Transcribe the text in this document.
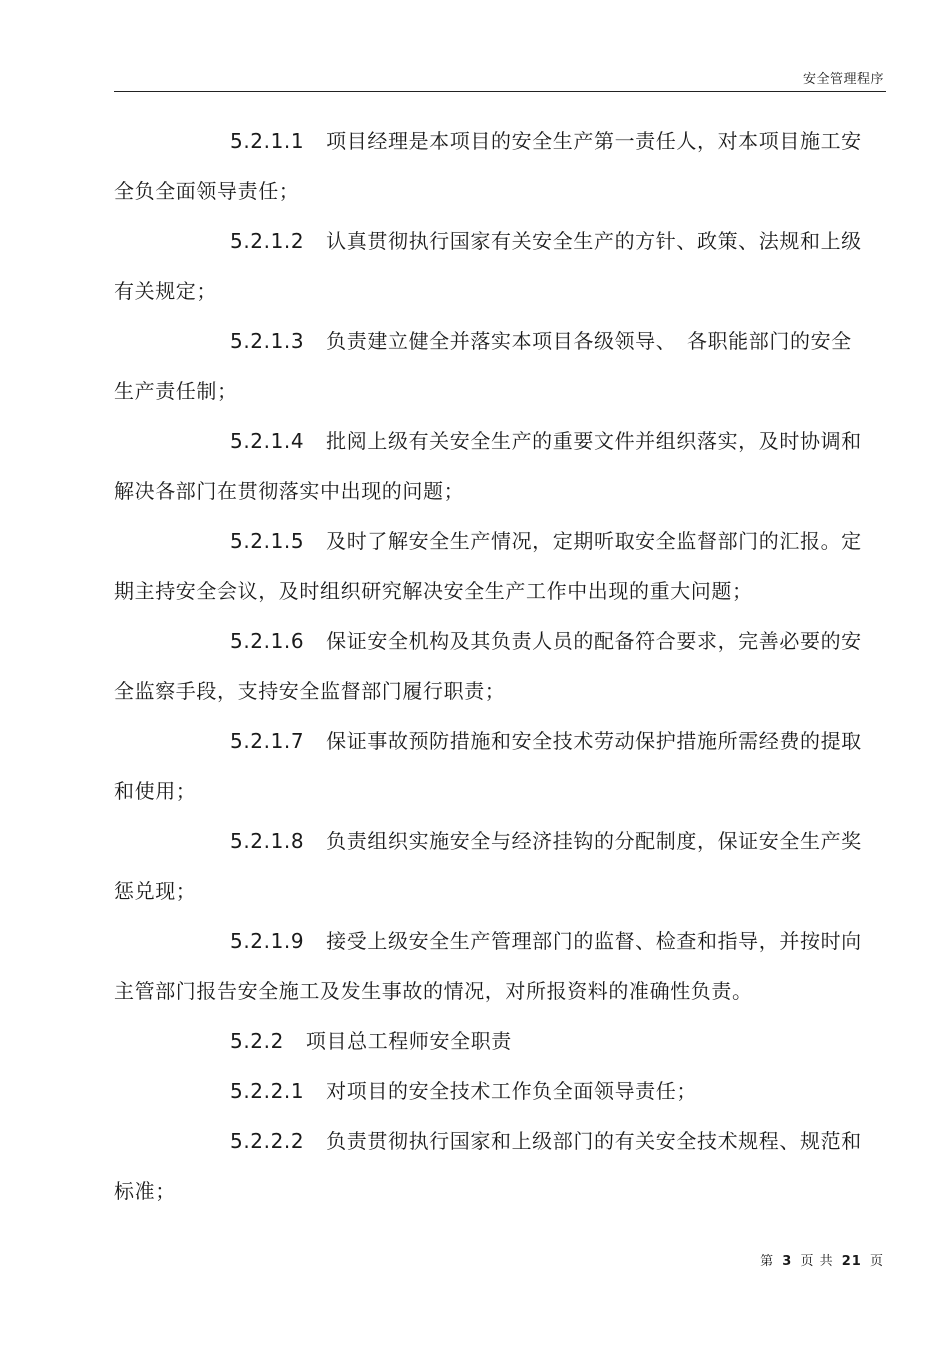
安全管理程序

5.2.1.1 项目经理是本项目的安全生产第一责任人，对本项目施工安全负全面领导责任；

5.2.1.2 认真贯彻执行国家有关安全生产的方针、政策、法规和上级有关规定；

5.2.1.3 负责建立健全并落实本项目各级领导、　各职能部门的安全生产责任制；

5.2.1.4 批阅上级有关安全生产的重要文件并组织落实，及时协调和解决各部门在贯彻落实中出现的问题；

5.2.1.5 及时了解安全生产情况，定期听取安全监督部门的汇报。定期主持安全会议，及时组织研究解决安全生产工作中出现的重大问题；

5.2.1.6 保证安全机构及其负责人员的配备符合要求，完善必要的安全监察手段，支持安全监督部门履行职责；

5.2.1.7 保证事故预防措施和安全技术劳动保护措施所需经费的提取和使用；

5.2.1.8 负责组织实施安全与经济挂钩的分配制度，保证安全生产奖惩兑现；

5.2.1.9 接受上级安全生产管理部门的监督、检查和指导，并按时向主管部门报告安全施工及发生事故的情况，对所报资料的准确性负责。

5.2.2 项目总工程师安全职责

5.2.2.1 对项目的安全技术工作负全面领导责任；

5.2.2.2 负责贯彻执行国家和上级部门的有关安全技术规程、规范和标准；

第 3 页 共 21 页
